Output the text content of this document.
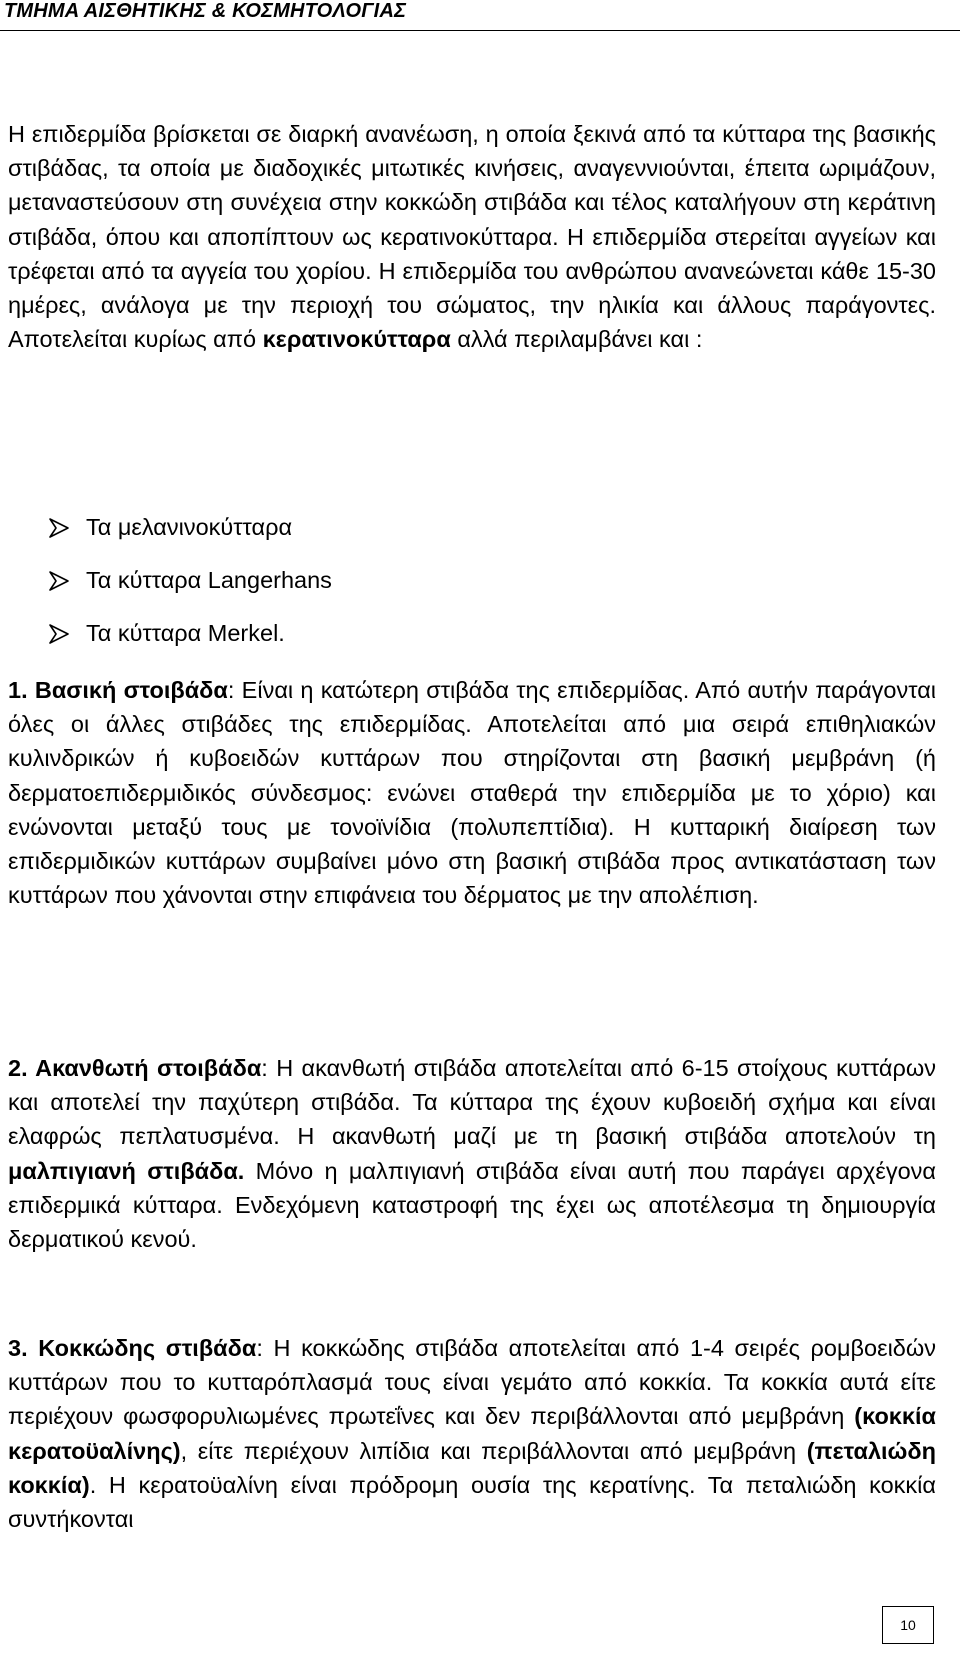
ΤΜΗΜΑ ΑΙΣΘΗΤΙΚΗΣ & ΚΟΣΜΗΤΟΛΟΓΙΑΣ

Η επιδερμίδα βρίσκεται σε διαρκή ανανέωση, η οποία ξεκινά από τα κύτταρα της βασικής στιβάδας, τα οποία με διαδοχικές μιτωτικές κινήσεις, αναγεννιούνται, έπειτα ωριμάζουν, μεταναστεύσουν στη συνέχεια στην κοκκώδη στιβάδα και τέλος καταλήγουν στη κεράτινη στιβάδα, όπου και αποπίπτουν ως κερατινοκύτταρα. Η επιδερμίδα στερείται αγγείων και τρέφεται από τα αγγεία του χορίου. Η επιδερμίδα του ανθρώπου ανανεώνεται κάθε 15-30 ημέρες, ανάλογα με την περιοχή του σώματος, την ηλικία και άλλους παράγοντες. Αποτελείται κυρίως από κερατινοκύτταρα αλλά περιλαμβάνει και :

Τα μελανινοκύτταρα
Τα κύτταρα Langerhans
Τα κύτταρα Merkel.

1. Βασική στοιβάδα: Είναι η κατώτερη στιβάδα της επιδερμίδας. Από αυτήν παράγονται όλες οι άλλες στιβάδες της επιδερμίδας. Αποτελείται από μια σειρά επιθηλιακών κυλινδρικών ή κυβοειδών κυττάρων που στηρίζονται στη βασική μεμβράνη (ή δερματοεπιδερμιδικός σύνδεσμος: ενώνει σταθερά την επιδερμίδα με το χόριο) και ενώνονται μεταξύ τους με τονοϊνίδια (πολυπεπτίδια). Η κυτταρική διαίρεση των επιδερμιδικών κυττάρων συμβαίνει μόνο στη βασική στιβάδα προς αντικατάσταση των κυττάρων που χάνονται στην επιφάνεια του δέρματος με την απολέπιση.

2. Ακανθωτή στοιβάδα: Η ακανθωτή στιβάδα αποτελείται από 6-15 στοίχους κυττάρων και αποτελεί την παχύτερη στιβάδα. Τα κύτταρα της έχουν κυβοειδή σχήμα και είναι ελαφρώς πεπλατυσμένα. Η ακανθωτή μαζί με τη βασική στιβάδα αποτελούν τη μαλπιγιανή στιβάδα. Μόνο η μαλπιγιανή στιβάδα είναι αυτή που παράγει αρχέγονα επιδερμικά κύτταρα. Ενδεχόμενη καταστροφή της έχει ως αποτέλεσμα τη δημιουργία δερματικού κενού.

3. Κοκκώδης στιβάδα: Η κοκκώδης στιβάδα αποτελείται από 1-4 σειρές ρομβοειδών κυττάρων που το κυτταρόπλασμά τους είναι γεμάτο από κοκκία. Τα κοκκία αυτά είτε περιέχουν φωσφορυλιωμένες πρωτεΐνες και δεν περιβάλλονται από μεμβράνη (κοκκία κερατοϋαλίνης), είτε περιέχουν λιπίδια και περιβάλλονται από μεμβράνη (πεταλιώδη κοκκία). Η κερατοϋαλίνη είναι πρόδρομη ουσία της κερατίνης. Τα πεταλιώδη κοκκία συντήκονται

10
